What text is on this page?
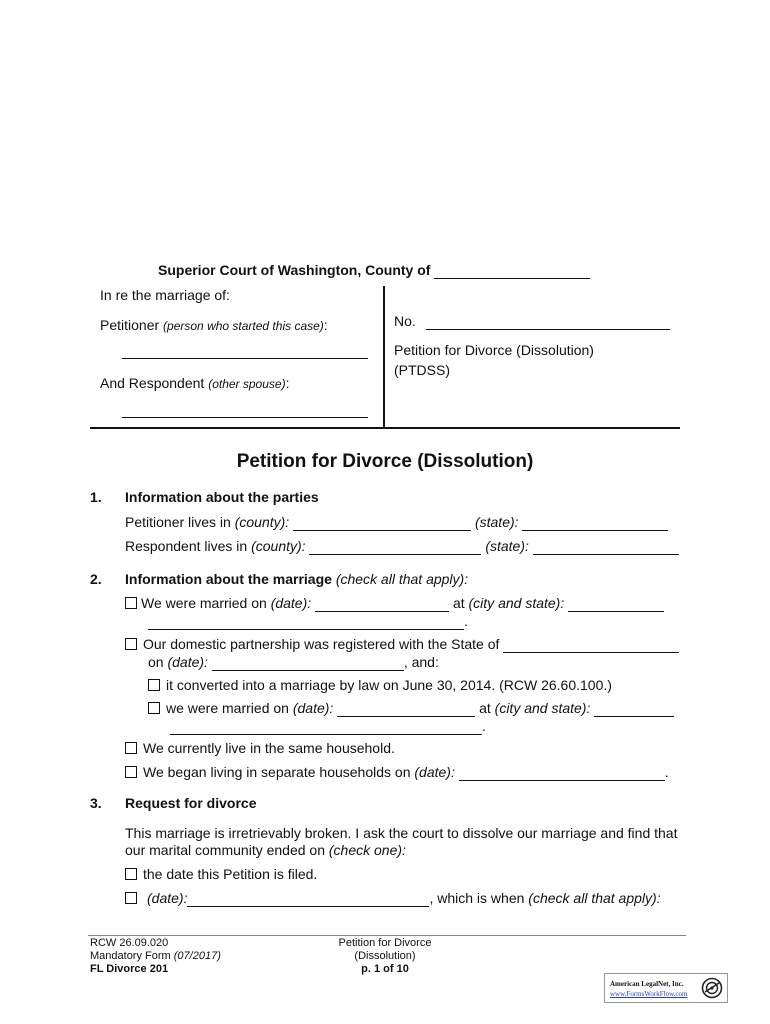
Superior Court of Washington, County of
In re the marriage of:
Petitioner (person who started this case):
And Respondent (other spouse):
No.
Petition for Divorce (Dissolution)
(PTDSS)
Petition for Divorce (Dissolution)
1. Information about the parties
Petitioner lives in (county):	(state):
Respondent lives in (county):	(state):
2. Information about the marriage (check all that apply):
We were married on (date):	at (city and state):
.
Our domestic partnership was registered with the State of
on (date):	, and:
it converted into a marriage by law on June 30, 2014. (RCW 26.60.100.)
we were married on (date):	at (city and state):
.
We currently live in the same household.
We began living in separate households on (date):	.
3. Request for divorce
This marriage is irretrievably broken. I ask the court to dissolve our marriage and find that
our marital community ended on (check one):
the date this Petition is filed.
(date):	, which is when (check all that apply):
RCW 26.09.020
Mandatory Form (07/2017)
FL Divorce 201
Petition for Divorce
(Dissolution)
p. 1 of 10
American LegalNet, Inc.
www.FormsWorkFlow.com
